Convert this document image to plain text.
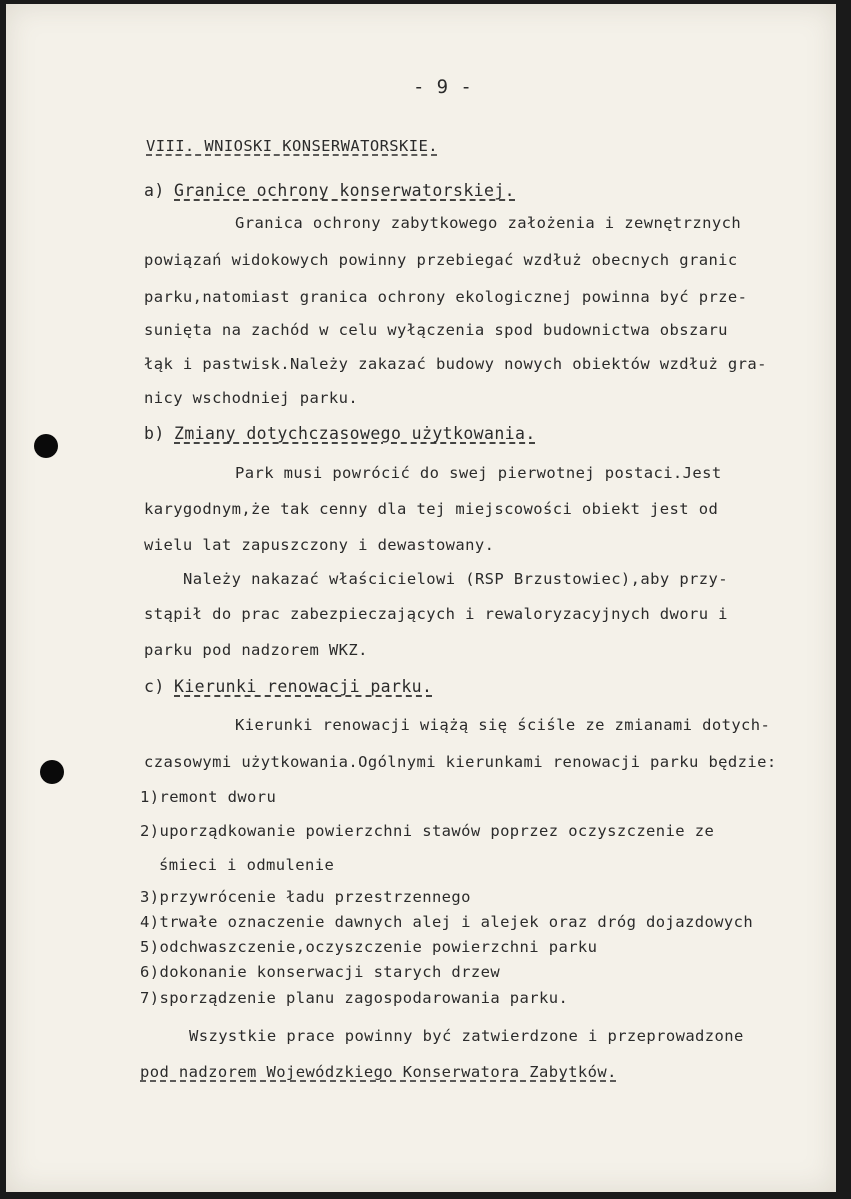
- 9 -
VIII. WNIOSKI KONSERWATORSKIE.
a) Granice ochrony konserwatorskiej.
Granica ochrony zabytkowego założenia i zewnętrznych
powiązań widokowych powinny przebiegać wzdłuż obecnych granic
parku,natomiast granica ochrony ekologicznej powinna być prze-
sunięta na zachód w celu wyłączenia spod budownictwa obszaru
łąk i pastwisk.Należy zakazać budowy nowych obiektów wzdłuż gra-
nicy wschodniej parku.
b) Zmiany dotychczasowego użytkowania.
Park musi powrócić do swej pierwotnej postaci.Jest
karygodnym,że tak cenny dla tej miejscowości obiekt jest od
wielu lat zapuszczony i dewastowany.
Należy nakazać właścicielowi (RSP Brzustowiec),aby przy-
stąpił do prac zabezpieczających i rewaloryzacyjnych dworu i
parku pod nadzorem WKZ.
c) Kierunki renowacji parku.
Kierunki renowacji wiążą się ściśle ze zmianami dotych-
czasowymi użytkowania.Ogólnymi kierunkami renowacji parku będzie:
1)remont dworu
2)uporządkowanie powierzchni stawów poprzez oczyszczenie ze
śmieci i odmulenie
3)przywrócenie ładu przestrzennego
4)trwałe oznaczenie dawnych alej i alejek oraz dróg dojazdowych
5)odchwaszczenie,oczyszczenie powierzchni parku
6)dokonanie konserwacji starych drzew
7)sporządzenie planu zagospodarowania parku.
Wszystkie prace powinny być zatwierdzone i przeprowadzone
pod nadzorem Wojewódzkiego Konserwatora Zabytków.
